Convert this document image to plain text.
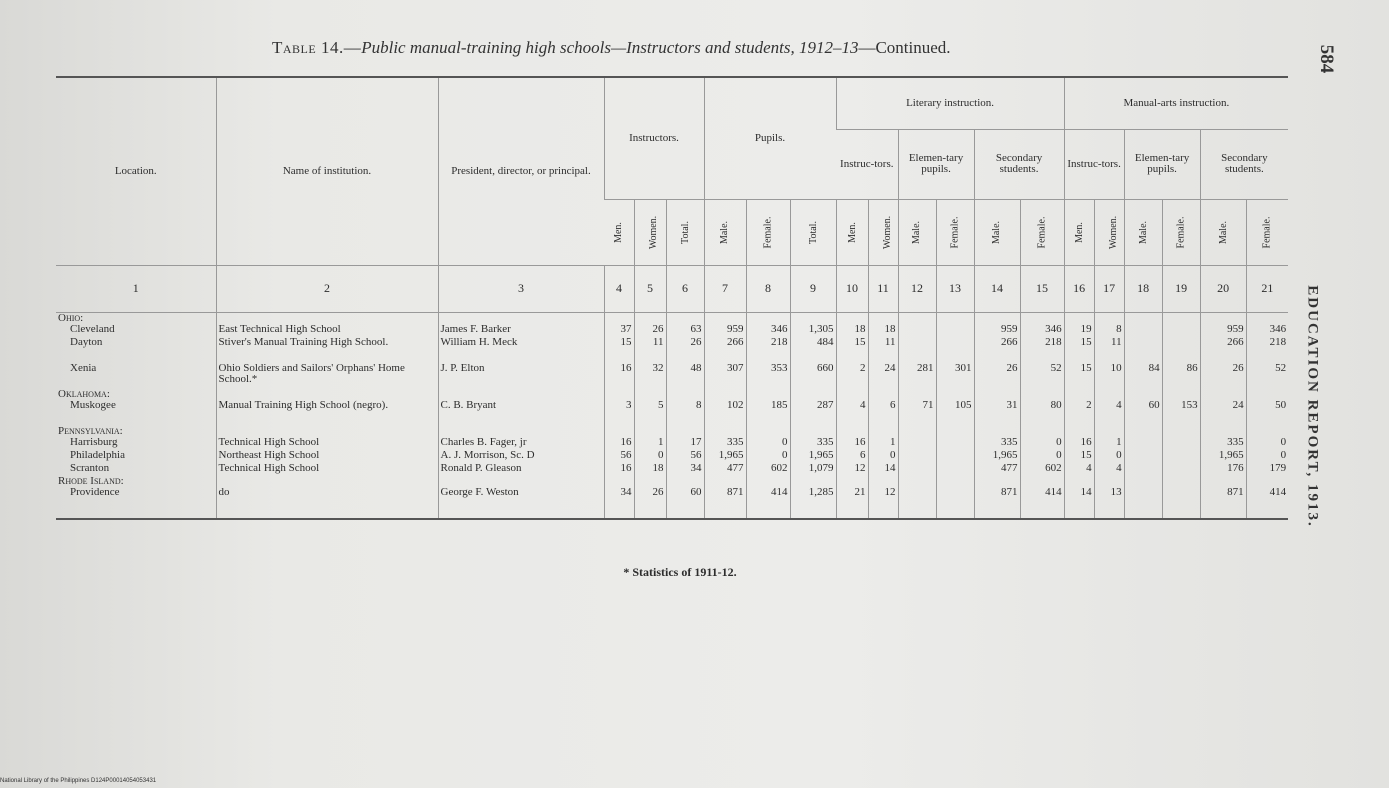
Table 14.—Public manual-training high schools—Instructors and students, 1912–13—Continued.	584
EDUCATION REPORT, 1913.
Location.	Name of institution.	President, director, or principal.	Instructors.			Pupils.			Literary instruction.						Manual-arts instruction.					
									Instruc-tors.		Elemen-tary pupils.		Secondary students.		Instruc-tors.		Elemen-tary pupils.		Secondary students.	
			Men.	Women.	Total.	Male.	Female.	Total.	Men.	Women.	Male.	Female.	Male.	Female.	Men.	Women.	Male.	Female.	Male.	Female.
1	2	3	4	5	6	7	8	9	10	11	12	13	14	15	16	17	18	19	20	21
Ohio:																				
Cleveland	East Technical High School	James F. Barker	37	26	63	959	346	1,305	18	18			959	346	19	8			959	346
Dayton	Stiver's Manual Training High School.	William H. Meck	15	11	26	266	218	484	15	11			266	218	15	11			266	218
Xenia	Ohio Soldiers and Sailors' Orphans' Home School.*	J. P. Elton	16	32	48	307	353	660	2	24	281	301	26	52	15	10	84	86	26	52
Oklahoma:																				
Muskogee	Manual Training High School (negro).	C. B. Bryant	3	5	8	102	185	287	4	6	71	105	31	80	2	4	60	153	24	50
Pennsylvania:																				
Harrisburg	Technical High School	Charles B. Fager, jr	16	1	17	335	0	335	16	1			335	0	16	1			335	0
Philadelphia	Northeast High School	A. J. Morrison, Sc. D	56	0	56	1,965	0	1,965	6	0			1,965	0	15	0			1,965	0
Scranton	Technical High School	Ronald P. Gleason	16	18	34	477	602	1,079	12	14			477	602	4	4			176	179
Rhode Island:																				
Providence	do	George F. Weston	34	26	60	871	414	1,285	21	12			871	414	14	13			871	414

* Statistics of 1911-12.
National Library of the Philippines D124P00014054053431
